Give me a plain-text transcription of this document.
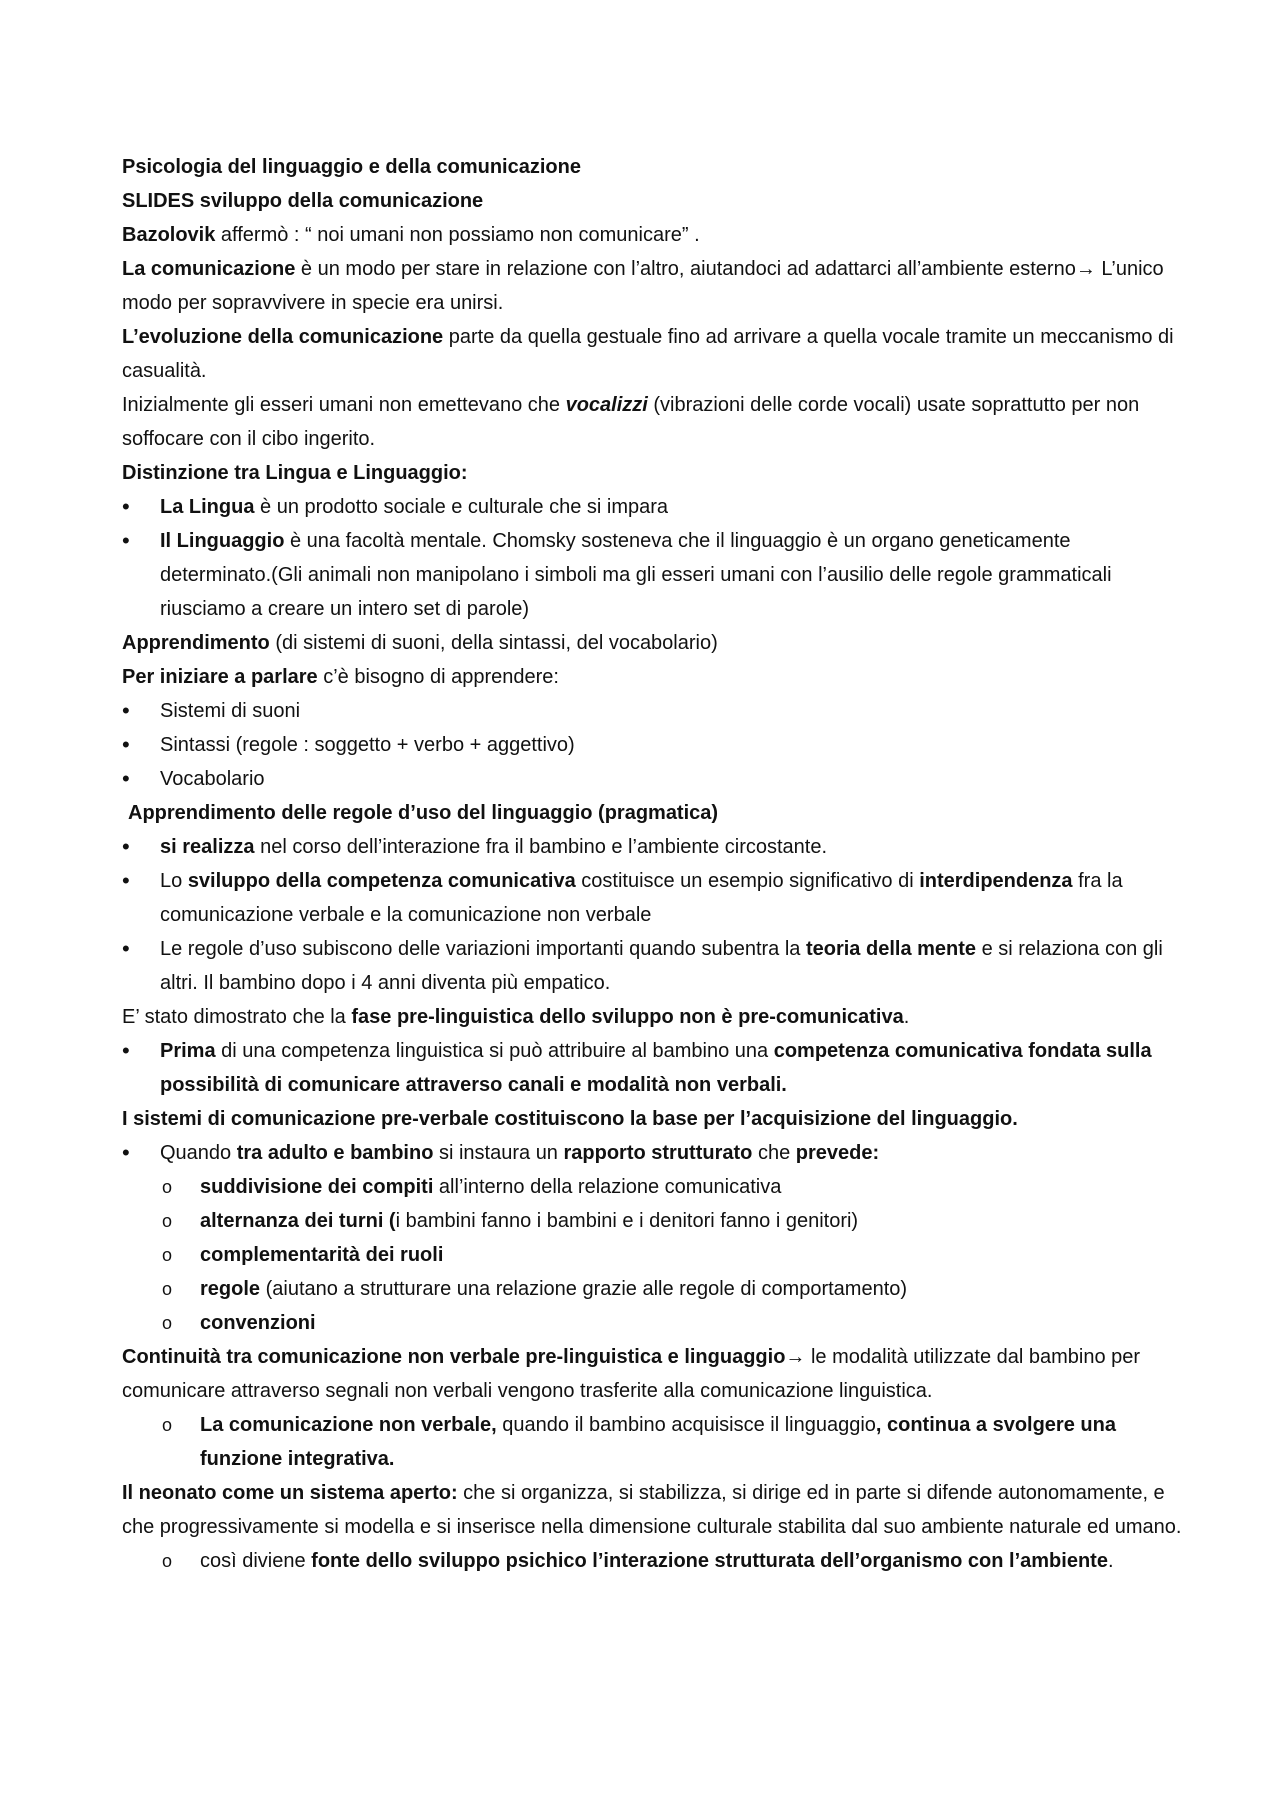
Psicologia del linguaggio e della comunicazione

SLIDES sviluppo della comunicazione

Bazolovik affermò : “ noi umani non possiamo non comunicare” .

La comunicazione è un modo per stare in relazione con l’altro, aiutandoci ad adattarci all’ambiente esterno→ L’unico modo per sopravvivere in specie era unirsi.

L’evoluzione della comunicazione parte da quella gestuale fino ad arrivare a quella vocale tramite un meccanismo di casualità.

Inizialmente gli esseri umani non emettevano che vocalizzi (vibrazioni delle corde vocali) usate soprattutto per non soffocare con il cibo ingerito.

Distinzione tra Lingua e Linguaggio:

• La Lingua è un prodotto sociale e culturale che si impara
• Il Linguaggio è una facoltà mentale. Chomsky sosteneva che il linguaggio è un organo geneticamente determinato.(Gli animali non manipolano i simboli ma gli esseri umani con l’ausilio delle regole grammaticali riusciamo a creare un intero set di parole)

Apprendimento (di sistemi di suoni, della sintassi, del vocabolario)

Per iniziare a parlare c’è bisogno di apprendere:

• Sistemi di suoni
• Sintassi (regole : soggetto + verbo + aggettivo)
• Vocabolario

Apprendimento delle regole d’uso del linguaggio (pragmatica)

• si realizza nel corso dell’interazione fra il bambino e l’ambiente circostante.
• Lo sviluppo della competenza comunicativa costituisce un esempio significativo di interdipendenza fra la comunicazione verbale e la comunicazione non verbale
• Le regole d’uso subiscono delle variazioni importanti quando subentra la teoria della mente e si relaziona con gli altri. Il bambino dopo i 4 anni diventa più empatico.

E’ stato dimostrato che la fase pre-linguistica dello sviluppo non è pre-comunicativa.

• Prima di una competenza linguistica si può attribuire al bambino una competenza comunicativa fondata sulla possibilità di comunicare attraverso canali e modalità non verbali.

I sistemi di comunicazione pre-verbale costituiscono la base per l’acquisizione del linguaggio.

• Quando tra adulto e bambino si instaura un rapporto strutturato che prevede:
o suddivisione dei compiti all’interno della relazione comunicativa
o alternanza dei turni (i bambini fanno i bambini e i denitori fanno i genitori)
o complementarità dei ruoli
o regole (aiutano a strutturare una relazione grazie alle regole di comportamento)
o convenzioni

Continuità tra comunicazione non verbale pre-linguistica e linguaggio→ le modalità utilizzate dal bambino per comunicare attraverso segnali non verbali vengono trasferite alla comunicazione linguistica.

o La comunicazione non verbale, quando il bambino acquisisce il linguaggio, continua a svolgere una funzione integrativa.

Il neonato come un sistema aperto: che si organizza, si stabilizza, si dirige ed in parte si difende autonomamente, e che progressivamente si modella e si inserisce nella dimensione culturale stabilita dal suo ambiente naturale ed umano.

o così diviene fonte dello sviluppo psichico l’interazione strutturata dell’organismo con l’ambiente.
